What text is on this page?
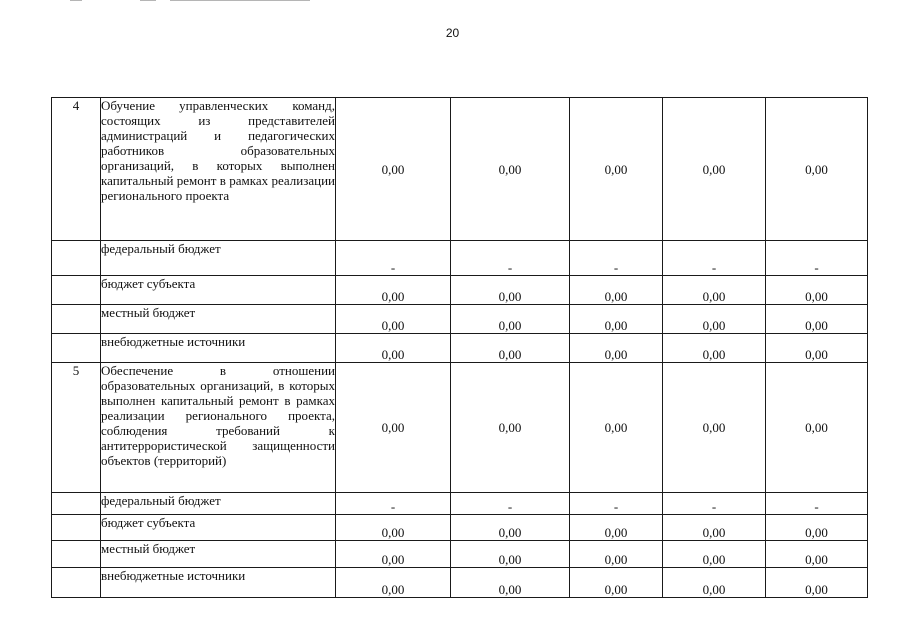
20
4	Обучение управленческих команд, состоящих из представителей администраций и педагогических работников образовательных организаций, в которых выполнен капитальный ремонт в рамках реализации регионального проекта	0,00	0,00	0,00	0,00	0,00
	федеральный бюджет	-	-	-	-	-
	бюджет субъекта	0,00	0,00	0,00	0,00	0,00
	местный бюджет	0,00	0,00	0,00	0,00	0,00
	внебюджетные источники	0,00	0,00	0,00	0,00	0,00
5	Обеспечение в отношении образовательных организаций, в которых выполнен капитальный ремонт в рамках реализации регионального проекта, соблюдения требований к антитеррористической защищенности объектов (территорий)	0,00	0,00	0,00	0,00	0,00
	федеральный бюджет	-	-	-	-	-
	бюджет субъекта	0,00	0,00	0,00	0,00	0,00
	местный бюджет	0,00	0,00	0,00	0,00	0,00
	внебюджетные источники	0,00	0,00	0,00	0,00	0,00
